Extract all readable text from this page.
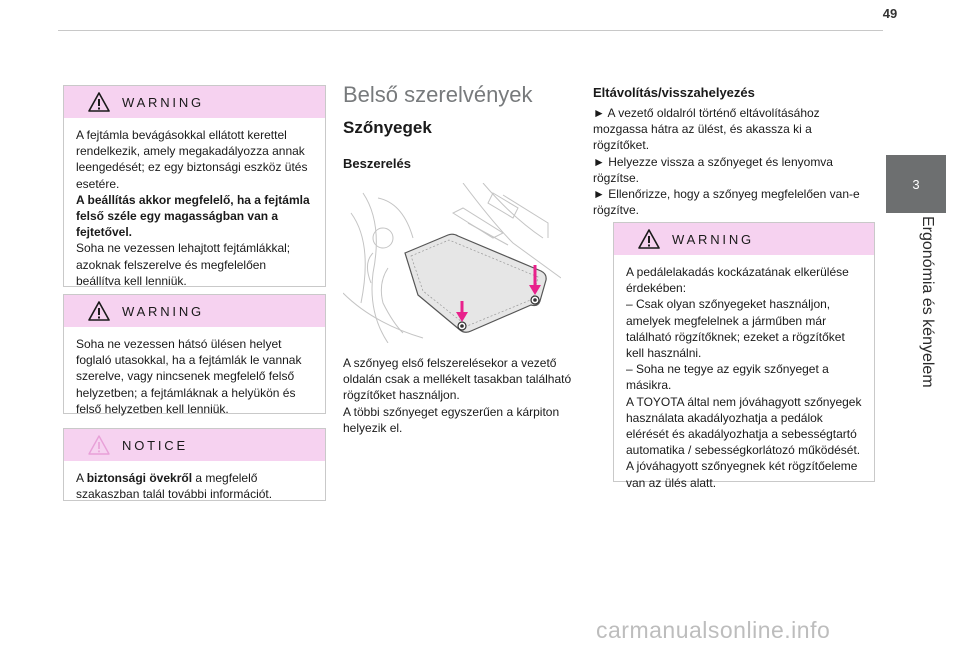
49
3
Ergonómia és kényelem
WARNING

A fejtámla bevágásokkal ellátott kerettel rendelkezik, amely megakadályozza annak leengedését; ez egy biztonsági eszköz ütés esetére.

A beállítás akkor megfelelő, ha a fejtámla felső széle egy magasságban van a fejtetővel.

Soha ne vezessen lehajtott fejtámlákkal; azoknak felszerelve és megfelelően beállítva kell lenniük.

WARNING

Soha ne vezessen hátsó ülésen helyet foglaló utasokkal, ha a fejtámlák le vannak szerelve, vagy nincsenek megfelelő felső helyzetben; a fejtámláknak a helyükön és felső helyzetben kell lenniük.

NOTICE

A biztonsági övekről a megfelelő szakaszban talál további információt.

Belső szerelvények
Szőnyegek
Beszerelés

A szőnyeg első felszerelésekor a vezető oldalán csak a mellékelt tasakban található rögzítőket használjon.

A többi szőnyeget egyszerűen a kárpiton helyezik el.

Eltávolítás/visszahelyezés

► A vezető oldalról történő eltávolításához mozgassa hátra az ülést, és akassza ki a rögzítőket.

► Helyezze vissza a szőnyeget és lenyomva rögzítse.

► Ellenőrizze, hogy a szőnyeg megfelelően van-e rögzítve.

WARNING

A pedálelakadás kockázatának elkerülése érdekében:

– Csak olyan szőnyegeket használjon, amelyek megfelelnek a járműben már található rögzítőknek; ezeket a rögzítőket kell használni.

– Soha ne tegye az egyik szőnyeget a másikra.

A TOYOTA által nem jóváhagyott szőnyegek használata akadályozhatja a pedálok elérését és akadályozhatja a sebességtartó automatika / sebességkorlátozó működését.

A jóváhagyott szőnyegnek két rögzítőeleme van az ülés alatt.

carmanualsonline.info
